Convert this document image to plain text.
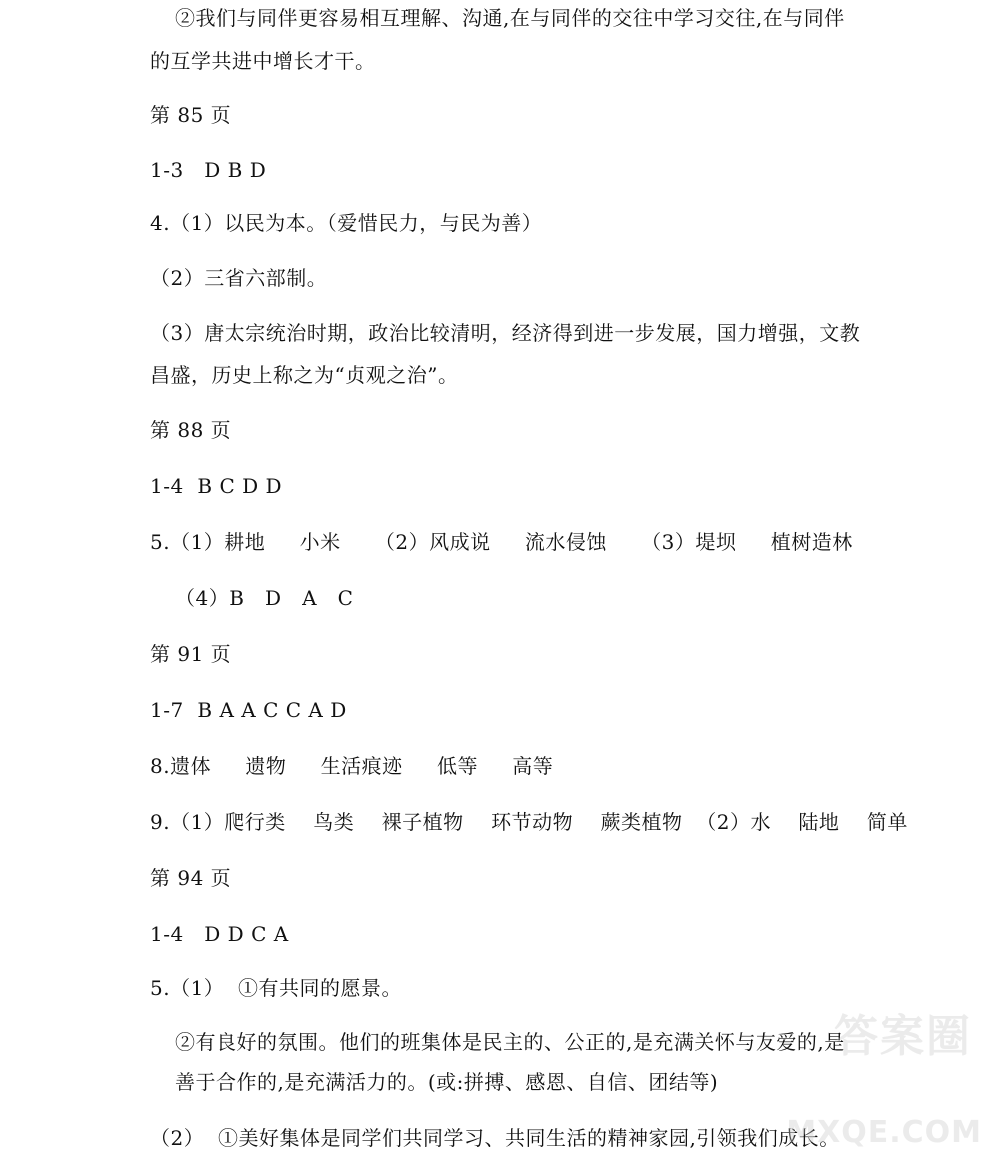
②我们与同伴更容易相互理解、沟通,在与同伴的交往中学习交往,在与同伴
的互学共进中增长才干。
第 85 页
1-3   D B D
4.（1）以民为本。（爱惜民力，与民为善）
（2）三省六部制。
（3）唐太宗统治时期，政治比较清明，经济得到进一步发展，国力增强，文教
昌盛，历史上称之为“贞观之治”。
第 88 页
1-4  B C D D
5.（1）耕地     小米     （2）风成说     流水侵蚀     （3）堤坝     植树造林
（4）B   D   A   C
第 91 页
1-7  B A A C C A D
8.遗体     遗物     生活痕迹     低等     高等
9.（1）爬行类    鸟类    裸子植物    环节动物    蕨类植物  （2）水    陆地    简单
第 94 页
1-4   D D C A
5.（1）  ①有共同的愿景。
②有良好的氛围。他们的班集体是民主的、公正的,是充满关怀与友爱的,是
善于合作的,是充满活力的。(或:拼搏、感恩、自信、团结等)
（2）  ①美好集体是同学们共同学习、共同生活的精神家园,引领我们成长。
答案圈
MXQE.COM
